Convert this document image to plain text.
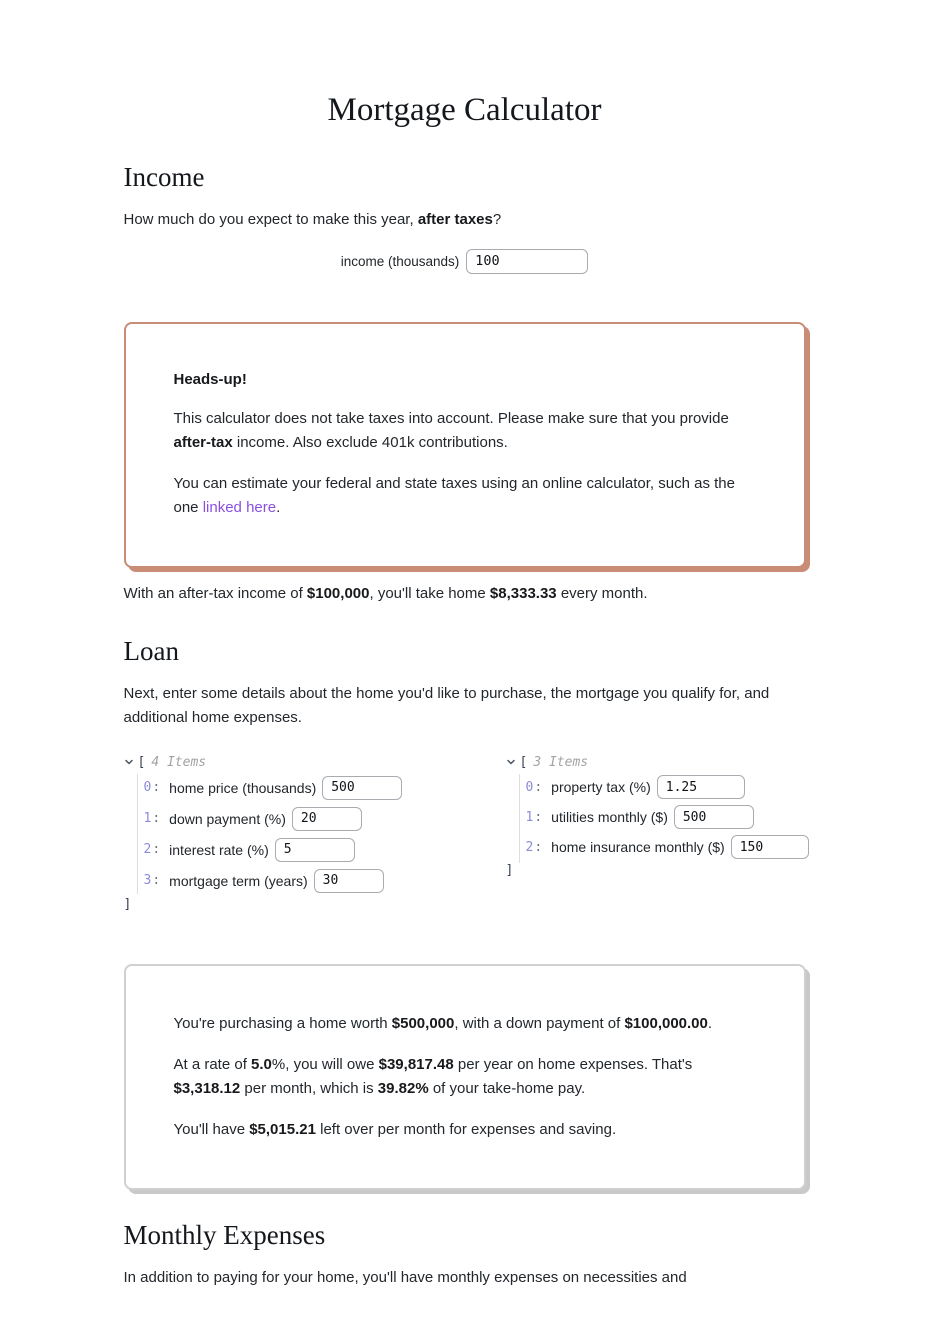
Mortgage Calculator
Income

How much do you expect to make this year, after taxes?

income (thousands)
100
Heads-up!

This calculator does not take taxes into account. Please make sure that you provide after-tax income. Also exclude 401k contributions.

You can estimate your federal and state taxes using an online calculator, such as the one linked here.

With an after-tax income of $100,000, you'll take home $8,333.33 every month.

Loan

Next, enter some details about the home you'd like to purchase, the mortgage you qualify for, and additional home expenses.

[ 4 Items
0 : home price (thousands)
500
1 : down payment (%)
20
2 : interest rate (%)
5
3 : mortgage term (years)
30
]
[ 3 Items
0 : property tax (%)
1.25
1 : utilities monthly ($)
500
2 : home insurance monthly ($)
150
]

You're purchasing a home worth $500,000, with a down payment of $100,000.00.

At a rate of 5.0%, you will owe $39,817.48 per year on home expenses. That's $3,318.12 per month, which is 39.82% of your take-home pay.

You'll have $5,015.21 left over per month for expenses and saving.

Monthly Expenses

In addition to paying for your home, you'll have monthly expenses on necessities and
